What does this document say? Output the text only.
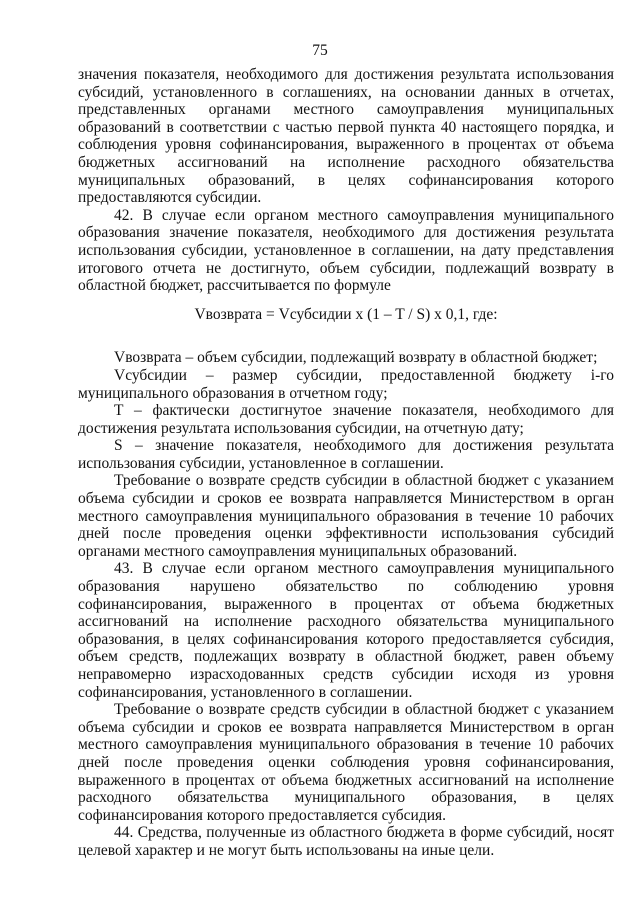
75

значения показателя, необходимого для достижения результата использования субсидий, установленного в соглашениях, на основании данных в отчетах, представленных органами местного самоуправления муниципальных образований в соответствии с частью первой пункта 40 настоящего порядка, и соблюдения уровня софинансирования, выраженного в процентах от объема бюджетных ассигнований на исполнение расходного обязательства муниципальных образований, в целях софинансирования которого предоставляются субсидии.

42. В случае если органом местного самоуправления муниципального образования значение показателя, необходимого для достижения результата использования субсидии, установленное в соглашении, на дату представления итогового отчета не достигнуто, объем субсидии, подлежащий возврату в областной бюджет, рассчитывается по формуле

Vвозврата = Vсубсидии x (1 – T / S) x 0,1, где:

Vвозврата – объем субсидии, подлежащий возврату в областной бюджет;

Vсубсидии – размер субсидии, предоставленной бюджету i-го муниципального образования в отчетном году;

T – фактически достигнутое значение показателя, необходимого для достижения результата использования субсидии, на отчетную дату;

S – значение показателя, необходимого для достижения результата использования субсидии, установленное в соглашении.

Требование о возврате средств субсидии в областной бюджет с указанием объема субсидии и сроков ее возврата направляется Министерством в орган местного самоуправления муниципального образования в течение 10 рабочих дней после проведения оценки эффективности использования субсидий органами местного самоуправления муниципальных образований.

43. В случае если органом местного самоуправления муниципального образования нарушено обязательство по соблюдению уровня софинансирования, выраженного в процентах от объема бюджетных ассигнований на исполнение расходного обязательства муниципального образования, в целях софинансирования которого предоставляется субсидия, объем средств, подлежащих возврату в областной бюджет, равен объему неправомерно израсходованных средств субсидии исходя из уровня софинансирования, установленного в соглашении.

Требование о возврате средств субсидии в областной бюджет с указанием объема субсидии и сроков ее возврата направляется Министерством в орган местного самоуправления муниципального образования в течение 10 рабочих дней после проведения оценки соблюдения уровня софинансирования, выраженного в процентах от объема бюджетных ассигнований на исполнение расходного обязательства муниципального образования, в целях софинансирования которого предоставляется субсидия.

44. Средства, полученные из областного бюджета в форме субсидий, носят целевой характер и не могут быть использованы на иные цели.
